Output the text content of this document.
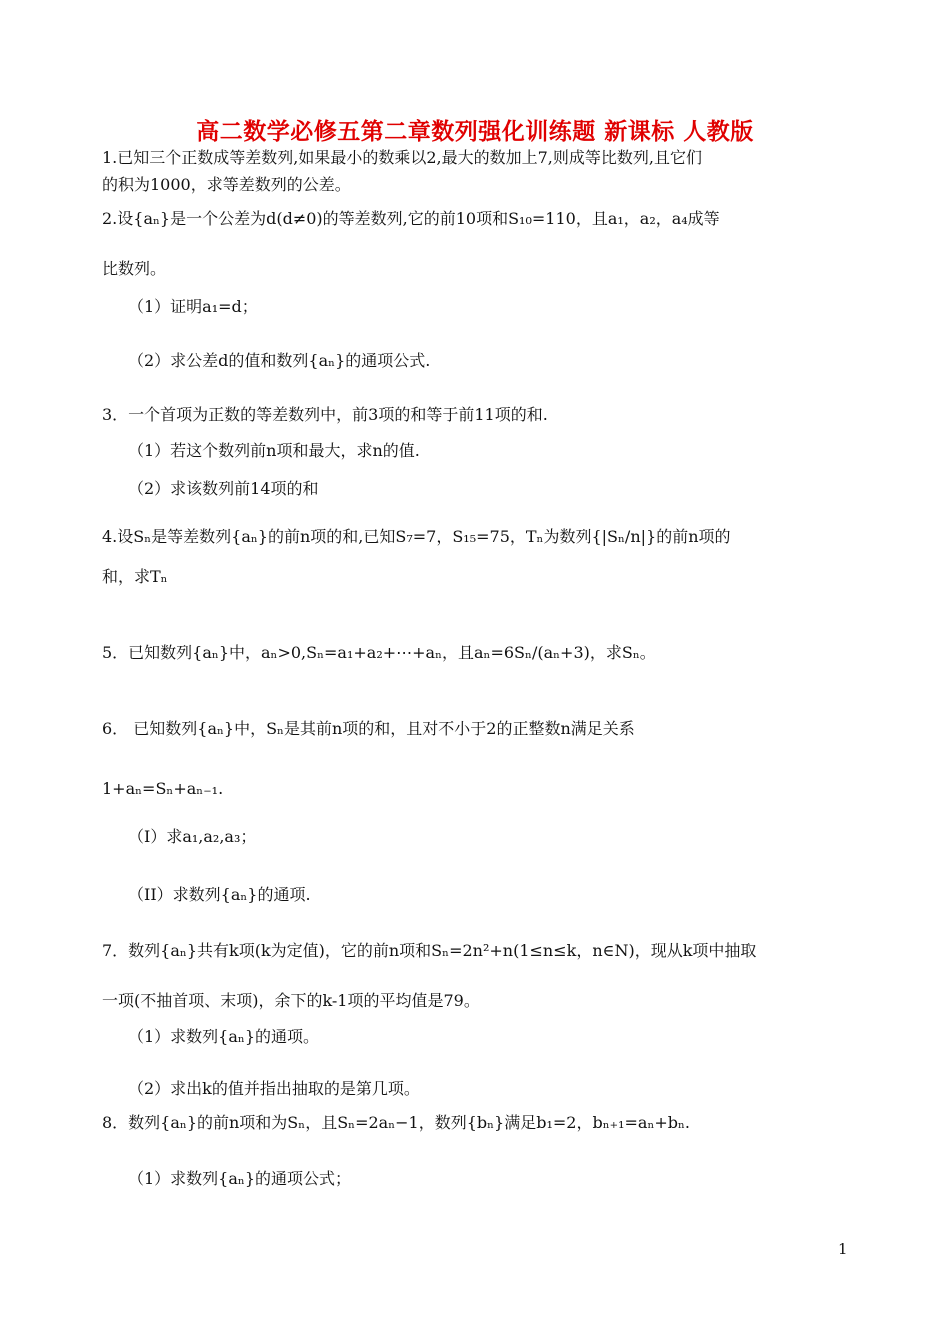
高二数学必修五第二章数列强化训练题 新课标 人教版
1.已知三个正数成等差数列,如果最小的数乘以2,最大的数加上7,则成等比数列,且它们
的积为1000，求等差数列的公差。
2.设{aₙ}是一个公差为d(d≠0)的等差数列,它的前10项和S₁₀=110，且a₁，a₂，a₄成等
比数列。
（1）证明a₁=d；
（2）求公差d的值和数列{aₙ}的通项公式.
3．一个首项为正数的等差数列中，前3项的和等于前11项的和.
（1）若这个数列前n项和最大，求n的值.
（2）求该数列前14项的和
4.设Sₙ是等差数列{aₙ}的前n项的和,已知S₇=7，S₁₅=75，Tₙ为数列{|Sₙ/n|}的前n项的
和，求Tₙ
5．已知数列{aₙ}中，aₙ>0,Sₙ=a₁+a₂+⋯+aₙ，且aₙ=6Sₙ/(aₙ+3)，求Sₙ。
6． 已知数列{aₙ}中，Sₙ是其前n项的和，且对不小于2的正整数n满足关系
1+aₙ=Sₙ+aₙ₋₁.
（I）求a₁,a₂,a₃；
（II）求数列{aₙ}的通项.
7．数列{aₙ}共有k项(k为定值)，它的前n项和Sₙ=2n²+n(1≤n≤k，n∈N)，现从k项中抽取
一项(不抽首项、末项)，余下的k-1项的平均值是79。
（1）求数列{aₙ}的通项。
（2）求出k的值并指出抽取的是第几项。
8．数列{aₙ}的前n项和为Sₙ，且Sₙ=2aₙ−1，数列{bₙ}满足b₁=2，bₙ₊₁=aₙ+bₙ.
（1）求数列{aₙ}的通项公式；
1
